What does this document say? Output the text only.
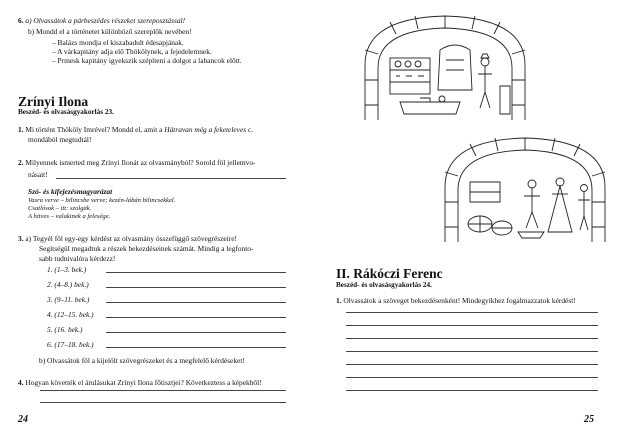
6. a) Olvassátok a párbeszédes részeket szereposztással!
b) Mondd el a történetet különböző szereplők nevében!
– Balázs mondja el kiszabadult édesapjának.
– A várkapitány adja elő Thökölynek, a fejedelemnek.
– Prmesk kapitány igyekszik szépíteni a dolgot a labancok előtt.
Zrínyi Ilona
Beszéd- és olvasásgyakorlás 23.
1. Mi történt Thököly Imrével? Mondd el, amit a Hátravan még a feketeleves c.
mondából megtudtál!
2. Milyennek ismerted meg Zrínyi Ilonát az olvasmányból? Sorold föl jellemvo-
násait!
Szó- és kifejezésmagyarázat
Vasra verve – bilincsbe verve; kezén-lábán bilincsekkel.
Csatlósok – itt: szolgák.
A hitves – valakinek a felesége.
3. a) Tegyél föl egy-egy kérdést az olvasmány összefüggő szövegrészeire!
Segítségül megadtuk a részek bekezdéseinek számát. Mindig a legfonto-
sabb tudnivalóra kérdezz!
1. (1–3. bek.)
2. (4–8.) bek.)
3. (9–11. bek.)
4. (12–15. bek.)
5. (16. bek.)
6. (17–18. bek.)
b) Olvassátok föl a kijelölt szövegrészeket és a megfelelő kérdéseket!
4. Hogyan követték el árulásukat Zrínyi Ilona főtisztjei? Következtess a képekből!
24
II. Rákóczi Ferenc
Beszéd- és olvasásgyakorlás 24.
1. Olvassátok a szöveget bekezdésenként! Mindegyikhez fogalmazzatok kérdést!
25
